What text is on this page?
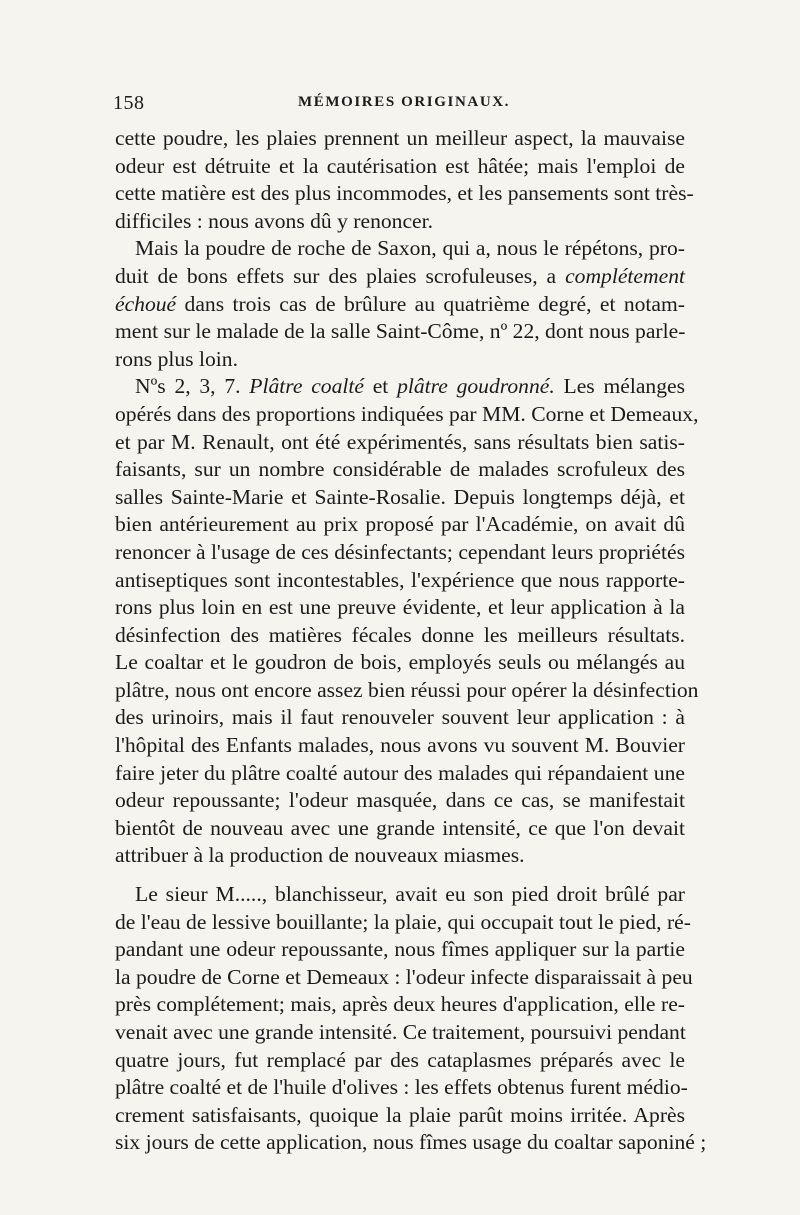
158	MÉMOIRES ORIGINAUX.
cette poudre, les plaies prennent un meilleur aspect, la mauvaise
odeur est détruite et la cautérisation est hâtée; mais l'emploi de
cette matière est des plus incommodes, et les pansements sont très-
difficiles : nous avons dû y renoncer.
Mais la poudre de roche de Saxon, qui a, nous le répétons, pro-
duit de bons effets sur des plaies scrofuleuses, a complétement
échoué dans trois cas de brûlure au quatrième degré, et notam-
ment sur le malade de la salle Saint-Côme, nº 22, dont nous parle-
rons plus loin.
Nºs 2, 3, 7. Plâtre coalté et plâtre goudronné. Les mélanges
opérés dans des proportions indiquées par MM. Corne et Demeaux,
et par M. Renault, ont été expérimentés, sans résultats bien satis-
faisants, sur un nombre considérable de malades scrofuleux des
salles Sainte-Marie et Sainte-Rosalie. Depuis longtemps déjà, et
bien antérieurement au prix proposé par l'Académie, on avait dû
renoncer à l'usage de ces désinfectants; cependant leurs propriétés
antiseptiques sont incontestables, l'expérience que nous rapporte-
rons plus loin en est une preuve évidente, et leur application à la
désinfection des matières fécales donne les meilleurs résultats.
Le coaltar et le goudron de bois, employés seuls ou mélangés au
plâtre, nous ont encore assez bien réussi pour opérer la désinfection
des urinoirs, mais il faut renouveler souvent leur application : à
l'hôpital des Enfants malades, nous avons vu souvent M. Bouvier
faire jeter du plâtre coalté autour des malades qui répandaient une
odeur repoussante; l'odeur masquée, dans ce cas, se manifestait
bientôt de nouveau avec une grande intensité, ce que l'on devait
attribuer à la production de nouveaux miasmes.
Le sieur M....., blanchisseur, avait eu son pied droit brûlé par
de l'eau de lessive bouillante; la plaie, qui occupait tout le pied, ré-
pandant une odeur repoussante, nous fîmes appliquer sur la partie
la poudre de Corne et Demeaux : l'odeur infecte disparaissait à peu
près complétement; mais, après deux heures d'application, elle re-
venait avec une grande intensité. Ce traitement, poursuivi pendant
quatre jours, fut remplacé par des cataplasmes préparés avec le
plâtre coalté et de l'huile d'olives : les effets obtenus furent médio-
crement satisfaisants, quoique la plaie parût moins irritée. Après
six jours de cette application, nous fîmes usage du coaltar saponiné ;
